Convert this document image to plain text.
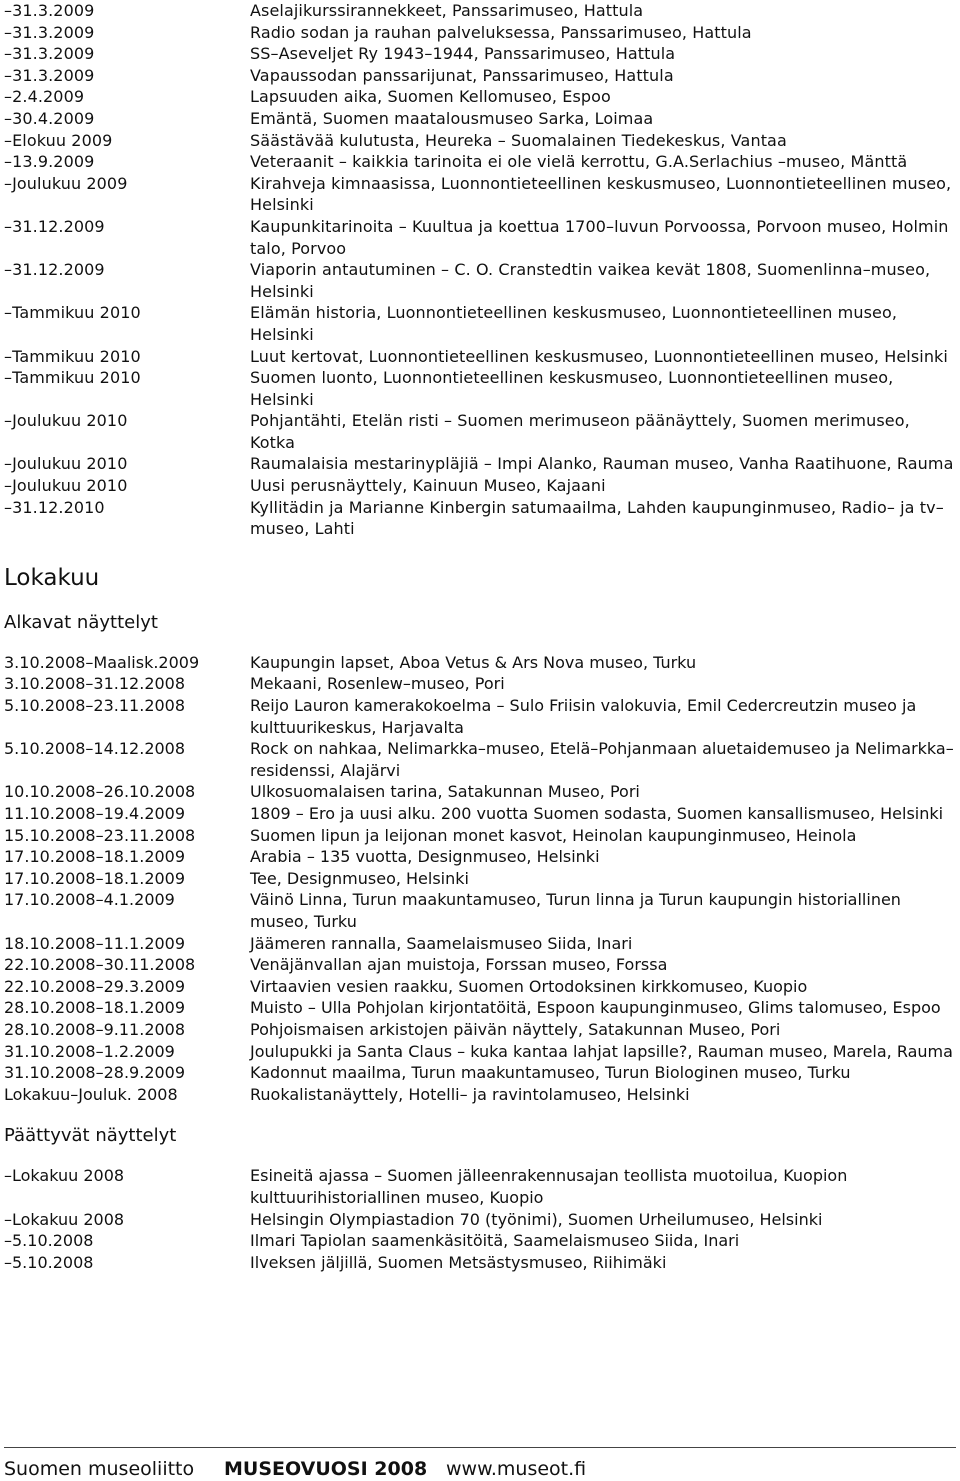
–31.3.2009	Aselajikurssirannekkeet, Panssarimuseo, Hattula
–31.3.2009	Radio sodan ja rauhan palveluksessa, Panssarimuseo, Hattula
–31.3.2009	SS–Aseveljet Ry 1943–1944, Panssarimuseo, Hattula
–31.3.2009	Vapaussodan panssarijunat, Panssarimuseo, Hattula
–2.4.2009	Lapsuuden aika, Suomen Kellomuseo, Espoo
–30.4.2009	Emäntä, Suomen maatalousmuseo Sarka, Loimaa
–Elokuu 2009	Säästävää kulutusta, Heureka – Suomalainen Tiedekeskus, Vantaa
–13.9.2009	Veteraanit – kaikkia tarinoita ei ole vielä kerrottu, G.A.Serlachius –museo, Mänttä
–Joulukuu 2009	Kirahveja kimnaasissa, Luonnontieteellinen keskusmuseo, Luonnontieteellinen museo, Helsinki
–31.12.2009	Kaupunkitarinoita – Kuultua ja koettua 1700–luvun Porvoossa, Porvoon museo, Holmin talo, Porvoo
–31.12.2009	Viaporin antautuminen – C. O. Cranstedtin vaikea kevät 1808, Suomenlinna–museo, Helsinki
–Tammikuu 2010	Elämän historia, Luonnontieteellinen keskusmuseo, Luonnontieteellinen museo, Helsinki
–Tammikuu 2010	Luut kertovat, Luonnontieteellinen keskusmuseo, Luonnontieteellinen museo, Helsinki
–Tammikuu 2010	Suomen luonto, Luonnontieteellinen keskusmuseo, Luonnontieteellinen museo, Helsinki
–Joulukuu 2010	Pohjantähti, Etelän risti – Suomen merimuseon päänäyttely, Suomen merimuseo, Kotka
–Joulukuu 2010	Raumalaisia mestarinypläjiä – Impi Alanko, Rauman museo, Vanha Raatihuone, Rauma
–Joulukuu 2010	Uusi perusnäyttely, Kainuun Museo, Kajaani
–31.12.2010	Kyllitädin ja Marianne Kinbergin satumaailma, Lahden kaupunginmuseo, Radio– ja tv–museo, Lahti
Lokakuu
Alkavat näyttelyt
3.10.2008–Maalisk.2009	Kaupungin lapset, Aboa Vetus & Ars Nova museo, Turku
3.10.2008–31.12.2008	Mekaani, Rosenlew–museo, Pori
5.10.2008–23.11.2008	Reijo Lauron kamerakokoelma – Sulo Friisin valokuvia, Emil Cedercreutzin museo ja kulttuurikeskus, Harjavalta
5.10.2008–14.12.2008	Rock on nahkaa, Nelimarkka–museo, Etelä–Pohjanmaan aluetaidemuseo ja Nelimarkka–residenssi, Alajärvi
10.10.2008–26.10.2008	Ulkosuomalaisen tarina, Satakunnan Museo, Pori
11.10.2008–19.4.2009	1809 – Ero ja uusi alku. 200 vuotta Suomen sodasta, Suomen kansallismuseo, Helsinki
15.10.2008–23.11.2008	Suomen lipun ja leijonan monet kasvot, Heinolan kaupunginmuseo, Heinola
17.10.2008–18.1.2009	Arabia – 135 vuotta, Designmuseo, Helsinki
17.10.2008–18.1.2009	Tee, Designmuseo, Helsinki
17.10.2008–4.1.2009	Väinö Linna, Turun maakuntamuseo, Turun linna ja Turun kaupungin historiallinen museo, Turku
18.10.2008–11.1.2009	Jäämeren rannalla, Saamelaismuseo Siida, Inari
22.10.2008–30.11.2008	Venäjänvallan ajan muistoja, Forssan museo, Forssa
22.10.2008–29.3.2009	Virtaavien vesien raakku, Suomen Ortodoksinen kirkkomuseo, Kuopio
28.10.2008–18.1.2009	Muisto – Ulla Pohjolan kirjontatöitä, Espoon kaupunginmuseo, Glims talomuseo, Espoo
28.10.2008–9.11.2008	Pohjoismaisen arkistojen päivän näyttely, Satakunnan Museo, Pori
31.10.2008–1.2.2009	Joulupukki ja Santa Claus – kuka kantaa lahjat lapsille?, Rauman museo, Marela, Rauma
31.10.2008–28.9.2009	Kadonnut maailma, Turun maakuntamuseo, Turun Biologinen museo, Turku
Lokakuu–Jouluk. 2008	Ruokalistanäyttely, Hotelli– ja ravintolamuseo, Helsinki
Päättyvät näyttelyt
–Lokakuu 2008	Esineitä ajassa – Suomen jälleenrakennusajan teollista muotoilua, Kuopion kulttuurihistoriallinen museo, Kuopio
–Lokakuu 2008	Helsingin Olympiastadion 70 (työnimi), Suomen Urheilumuseo, Helsinki
–5.10.2008	Ilmari Tapiolan saamenkäsitöitä, Saamelaismuseo Siida, Inari
–5.10.2008	Ilveksen jäljillä, Suomen Metsästysmuseo, Riihimäki
Suomen museoliitto MUSEOVUOSI 2008 www.museot.fi
